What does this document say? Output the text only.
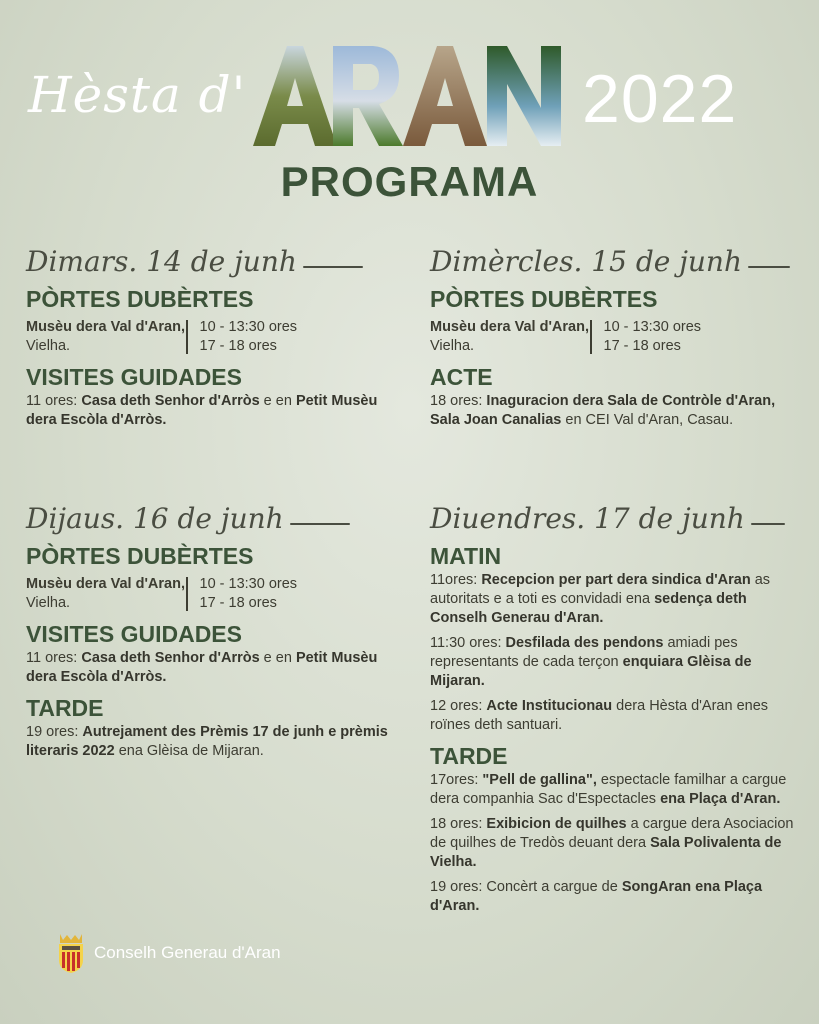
Hèsta d'	2022
PROGRAMA
Dimars. 14 de junh
PÒRTES DUBÈRTES
Musèu dera Val d'Aran, Vielha.
10 - 13:30 ores
17 - 18 ores
VISITES GUIDADES
11 ores: Casa deth Senhor d'Arròs e en Petit Musèu dera Escòla d'Arròs.
Dimèrcles. 15 de junh
PÒRTES DUBÈRTES
Musèu dera Val d'Aran, Vielha.
10 - 13:30 ores
17 - 18 ores
ACTE
18 ores: Inaguracion dera Sala de Contròle d'Aran, Sala Joan Canalias en CEI Val d'Aran, Casau.
Dijaus. 16 de junh
PÒRTES DUBÈRTES
Musèu dera Val d'Aran, Vielha.
10 - 13:30 ores
17 - 18 ores
VISITES GUIDADES
11 ores: Casa deth Senhor d'Arròs e en Petit Musèu dera Escòla d'Arròs.
TARDE
19 ores: Autrejament des Prèmis 17 de junh e prèmis literaris 2022 ena Glèisa de Mijaran.
Diuendres. 17 de junh
MATIN
11ores: Recepcion per part dera sindica d'Aran as autoritats e a toti es convidadi ena sedença deth Conselh Generau d'Aran.
11:30 ores: Desfilada des pendons amiadi pes representants de cada terçon enquiara Glèisa de Mijaran.
12 ores: Acte Institucionau dera Hèsta d'Aran enes roïnes deth santuari.
TARDE
17ores: "Pell de gallina", espectacle familhar a cargue dera companhia Sac d'Espectacles ena Plaça d'Aran.
18 ores: Exibicion de quilhes a cargue dera Asociacion de quilhes de Tredòs deuant dera Sala Polivalenta de Vielha.
19 ores: Concèrt a cargue de SongAran ena Plaça d'Aran.
Conselh Generau d'Aran
